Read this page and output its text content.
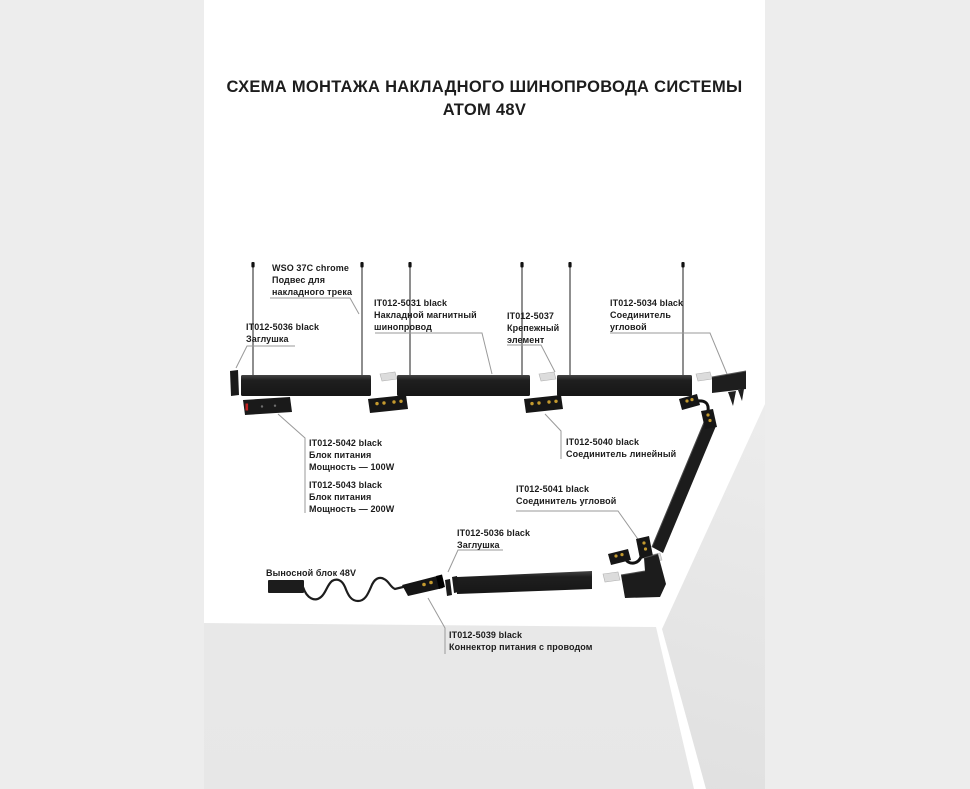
СХЕМА МОНТАЖА НАКЛАДНОГО ШИНОПРОВОДА СИСТЕМЫ ATOM 48V
WSO 37C chrome
Подвес для
накладного трека
IT012-5036 black
Заглушка
IT012-5031 black
Накладной магнитный
шинопровод
IT012-5037
Крепежный
элемент
IT012-5034 black
Соединитель
угловой
IT012-5042 black
Блок питания
Мощность — 100W
IT012-5043 black
Блок питания
Мощность — 200W
IT012-5040 black
Соединитель линейный
IT012-5041 black
Соединитель угловой
IT012-5036 black
Заглушка
Выносной блок 48V
IT012-5039 black
Коннектор питания с проводом
